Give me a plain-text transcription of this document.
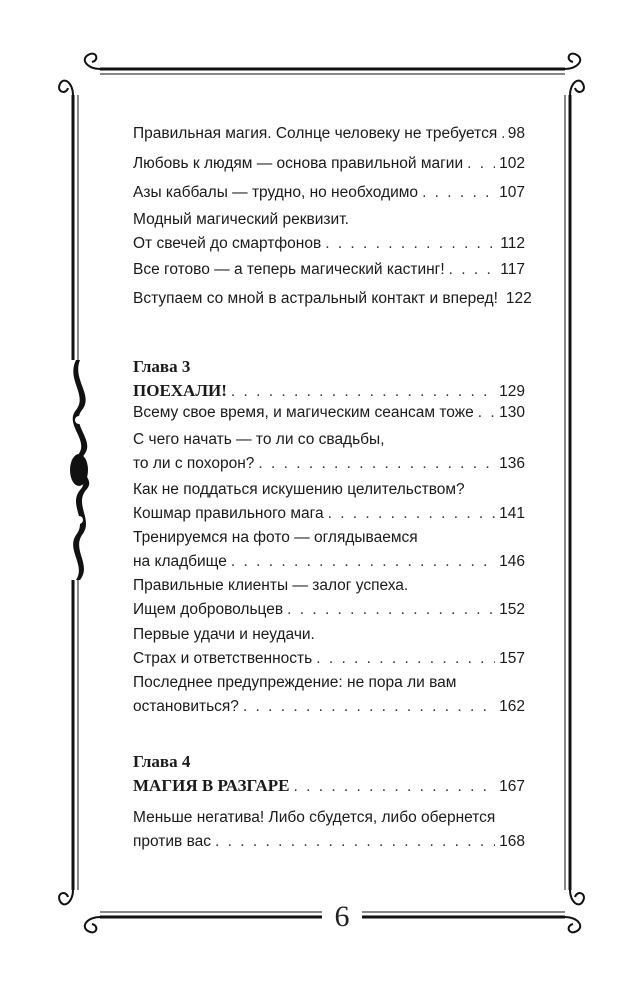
Правильная магия. Солнце человеку не требуется . . . 98
Любовь к людям — основа правильной магии . . . 102
Азы каббалы — трудно, но необходимо . . .	107
Модный магический реквизит.
От свечей до смартфонов . . .	112
Все готово — а теперь магический кастинг! . . .	117
Вступаем со мной в астральный контакт и вперед! 122
Глава 3
ПОЕХАЛИ! . . .	129
Всему свое время, и магическим сеансам тоже . . . 130
С чего начать — то ли со свадьбы,
то ли с похорон? . . .	136
Как не поддаться искушению целительством?
Кошмар правильного мага . . .	141
Тренируемся на фото — оглядываемся
на кладбище . . .	146
Правильные клиенты — залог успеха.
Ищем добровольцев . . .	152
Первые удачи и неудачи.
Страх и ответственность . . .	157
Последнее предупреждение: не пора ли вам
остановиться? . . .	162
Глава 4
МАГИЯ В РАЗГАРЕ . . .	167
Меньше негатива! Либо сбудется, либо обернется
против вас . . .	168
6
